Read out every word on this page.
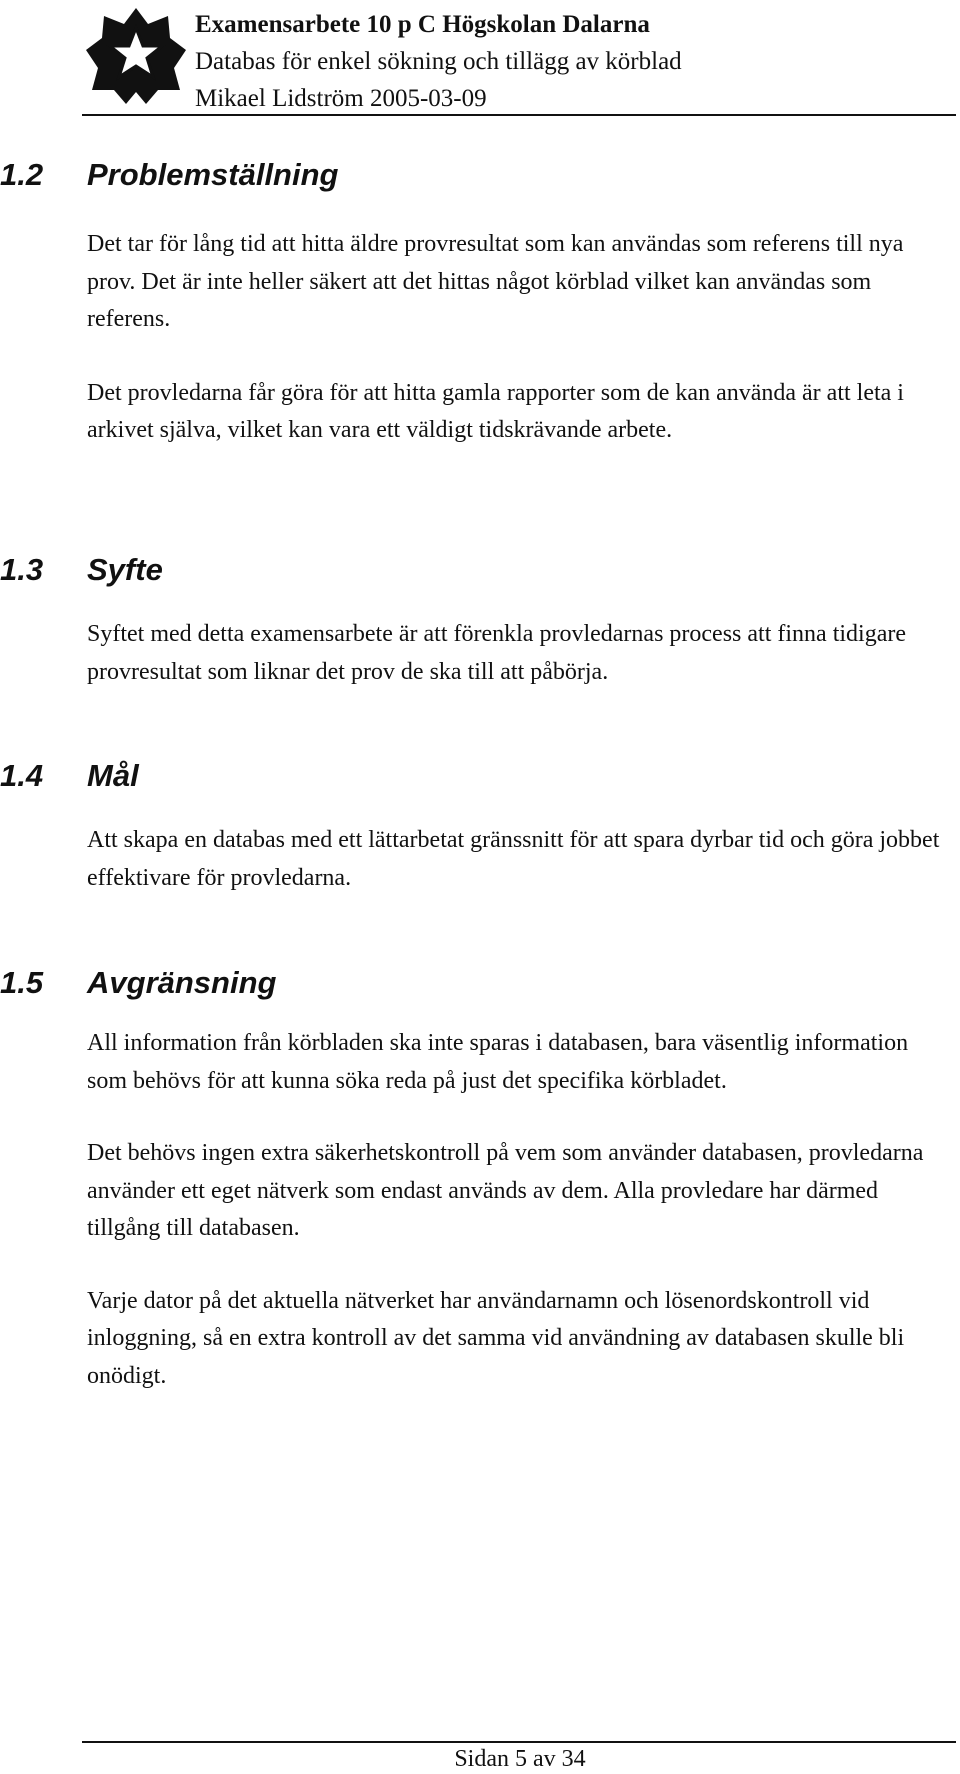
Examensarbete 10 p C Högskolan Dalarna
Databas för enkel sökning och tillägg av körblad
Mikael Lidström 2005-03-09
1.2 Problemställning

Det tar för lång tid att hitta äldre provresultat som kan användas som referens till nya prov. Det är inte heller säkert att det hittas något körblad vilket kan användas som referens.

Det provledarna får göra för att hitta gamla rapporter som de kan använda är att leta i arkivet själva, vilket kan vara ett väldigt tidskrävande arbete.

1.3 Syfte

Syftet med detta examensarbete är att förenkla provledarnas process att finna tidigare provresultat som liknar det prov de ska till att påbörja.

1.4 Mål

Att skapa en databas med ett lättarbetat gränssnitt för att spara dyrbar tid och göra jobbet effektivare för provledarna.

1.5 Avgränsning

All information från körbladen ska inte sparas i databasen, bara väsentlig information som behövs för att kunna söka reda på just det specifika körbladet.

Det behövs ingen extra säkerhetskontroll på vem som använder databasen, provledarna använder ett eget nätverk som endast används av dem. Alla provledare har därmed tillgång till databasen.

Varje dator på det aktuella nätverket har användarnamn och lösenordskontroll vid inloggning, så en extra kontroll av det samma vid användning av databasen skulle bli onödigt.

Sidan 5 av 34
